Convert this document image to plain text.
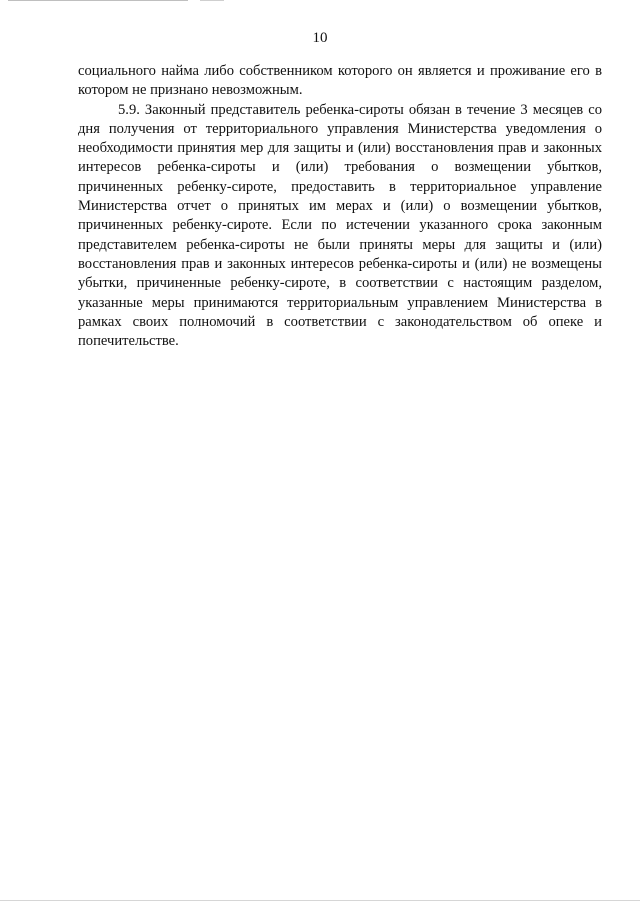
10

социального найма либо собственником которого он является и проживание его в котором не признано невозможным.

5.9. Законный представитель ребенка-сироты обязан в течение 3 месяцев со дня получения от территориального управления Министерства уведомления о необходимости принятия мер для защиты и (или) восстановления прав и законных интересов ребенка-сироты и (или) требования о возмещении убытков, причиненных ребенку-сироте, предоставить в территориальное управление Министерства отчет о принятых им мерах и (или) о возмещении убытков, причиненных ребенку-сироте. Если по истечении указанного срока законным представителем ребенка-сироты не были приняты меры для защиты и (или) восстановления прав и законных интересов ребенка-сироты и (или) не возмещены убытки, причиненные ребенку-сироте, в соответствии с настоящим разделом, указанные меры принимаются территориальным управлением Министерства в рамках своих полномочий в соответствии с законодательством об опеке и попечительстве.
